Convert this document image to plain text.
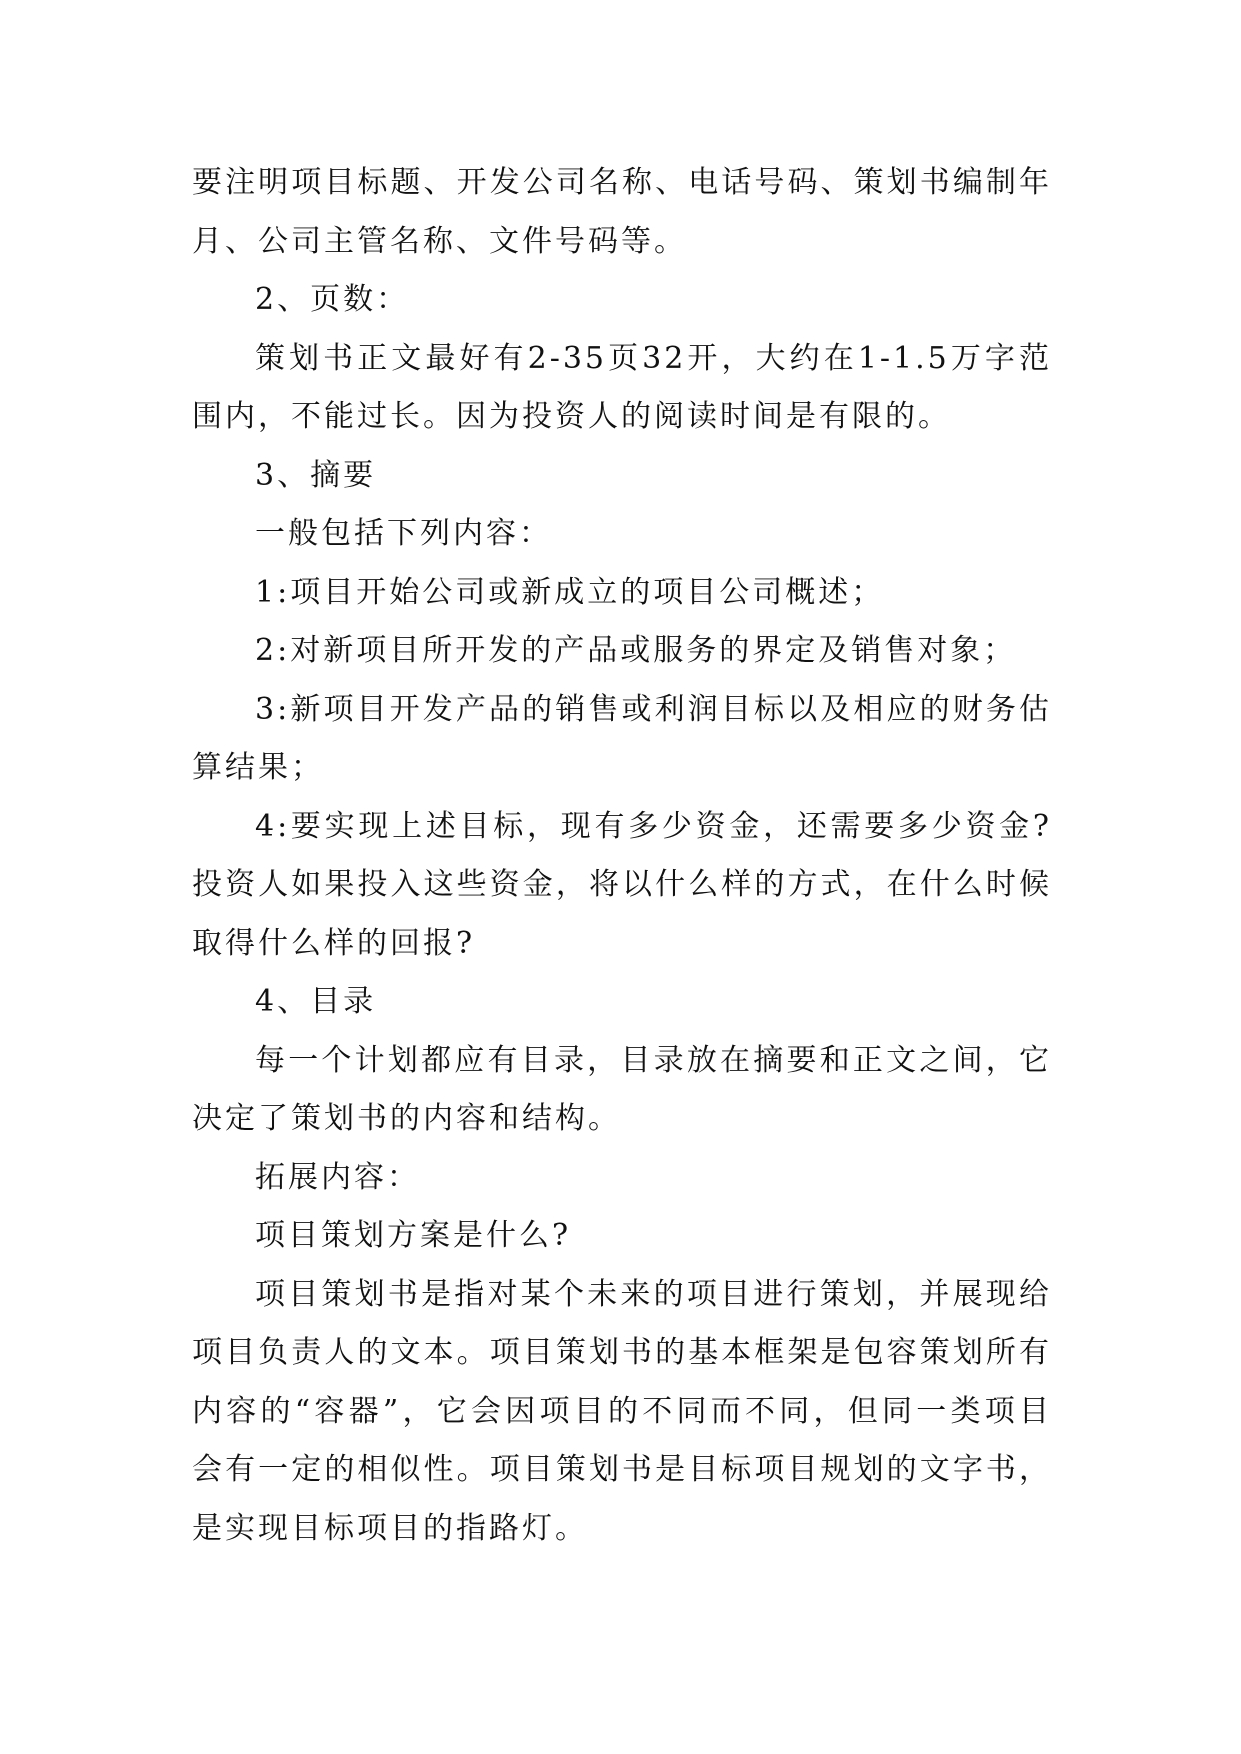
要注明项目标题、开发公司名称、电话号码、策划书编制年月、公司主管名称、文件号码等。

2、页数：

策划书正文最好有2-35页32开，大约在1-1.5万字范围内，不能过长。因为投资人的阅读时间是有限的。

3、摘要

一般包括下列内容：

1:项目开始公司或新成立的项目公司概述；

2:对新项目所开发的产品或服务的界定及销售对象；

3:新项目开发产品的销售或利润目标以及相应的财务估算结果；

4:要实现上述目标，现有多少资金，还需要多少资金?投资人如果投入这些资金，将以什么样的方式，在什么时候取得什么样的回报?

4、目录

每一个计划都应有目录，目录放在摘要和正文之间，它决定了策划书的内容和结构。

拓展内容：

项目策划方案是什么?

项目策划书是指对某个未来的项目进行策划，并展现给项目负责人的文本。项目策划书的基本框架是包容策划所有内容的“容器”，它会因项目的不同而不同，但同一类项目会有一定的相似性。项目策划书是目标项目规划的文字书，是实现目标项目的指路灯。
